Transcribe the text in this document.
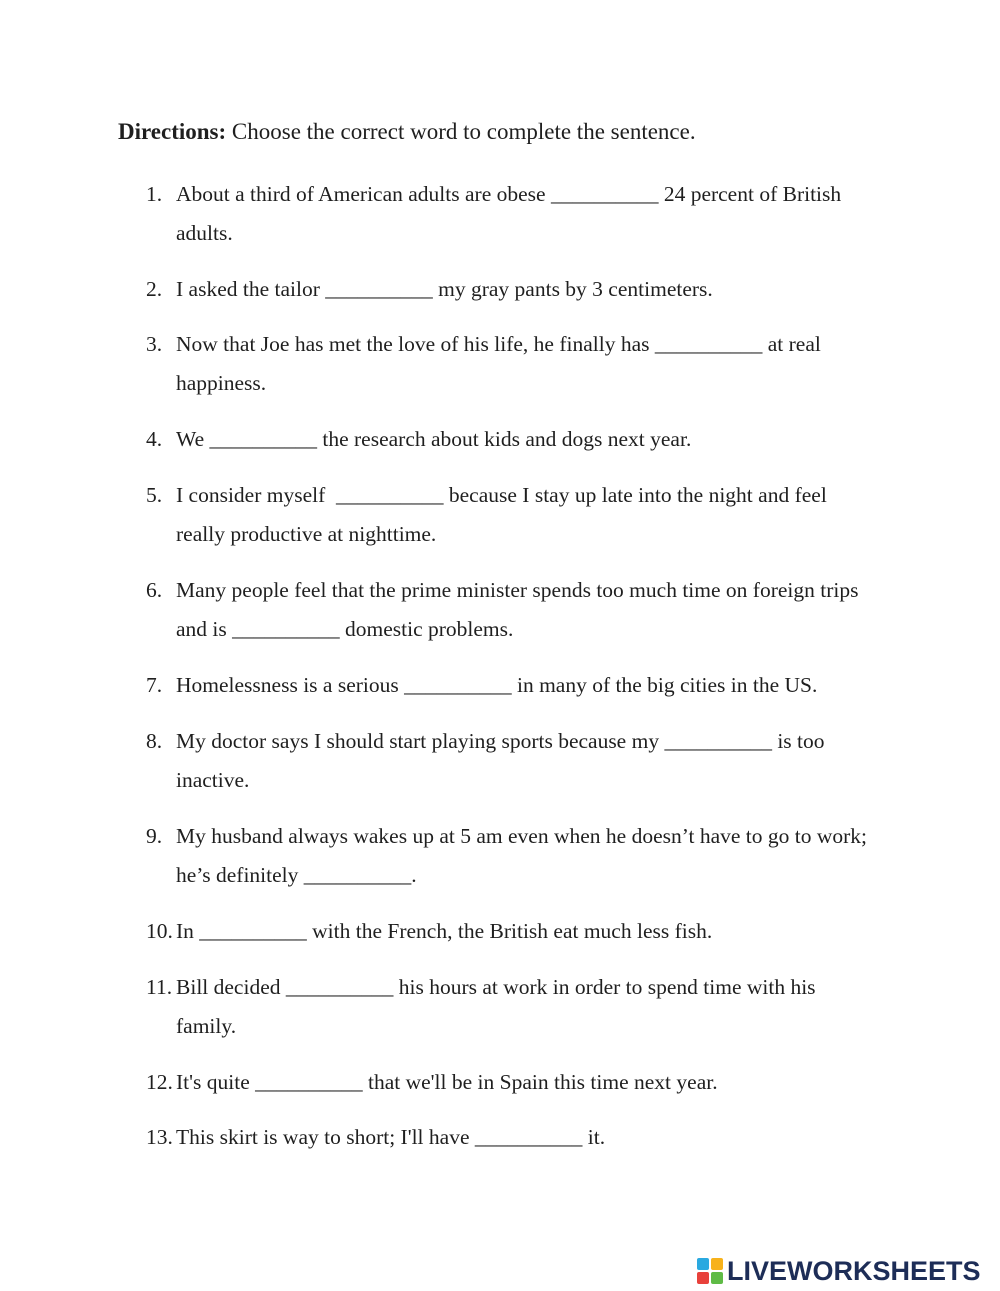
Directions: Choose the correct word to complete the sentence.
1. About a third of American adults are obese __________ 24 percent of British adults.
2. I asked the tailor __________ my gray pants by 3 centimeters.
3. Now that Joe has met the love of his life, he finally has __________ at real happiness.
4. We __________ the research about kids and dogs next year.
5. I consider myself  __________ because I stay up late into the night and feel really productive at nighttime.
6. Many people feel that the prime minister spends too much time on foreign trips and is __________ domestic problems.
7. Homelessness is a serious __________ in many of the big cities in the US.
8. My doctor says I should start playing sports because my __________ is too inactive.
9. My husband always wakes up at 5 am even when he doesn’t have to go to work; he’s definitely __________.
10. In __________ with the French, the British eat much less fish.
11. Bill decided __________ his hours at work in order to spend time with his family.
12. It's quite __________ that we'll be in Spain this time next year.
13. This skirt is way to short; I'll have __________ it.
LIVEWORKSHEETS
